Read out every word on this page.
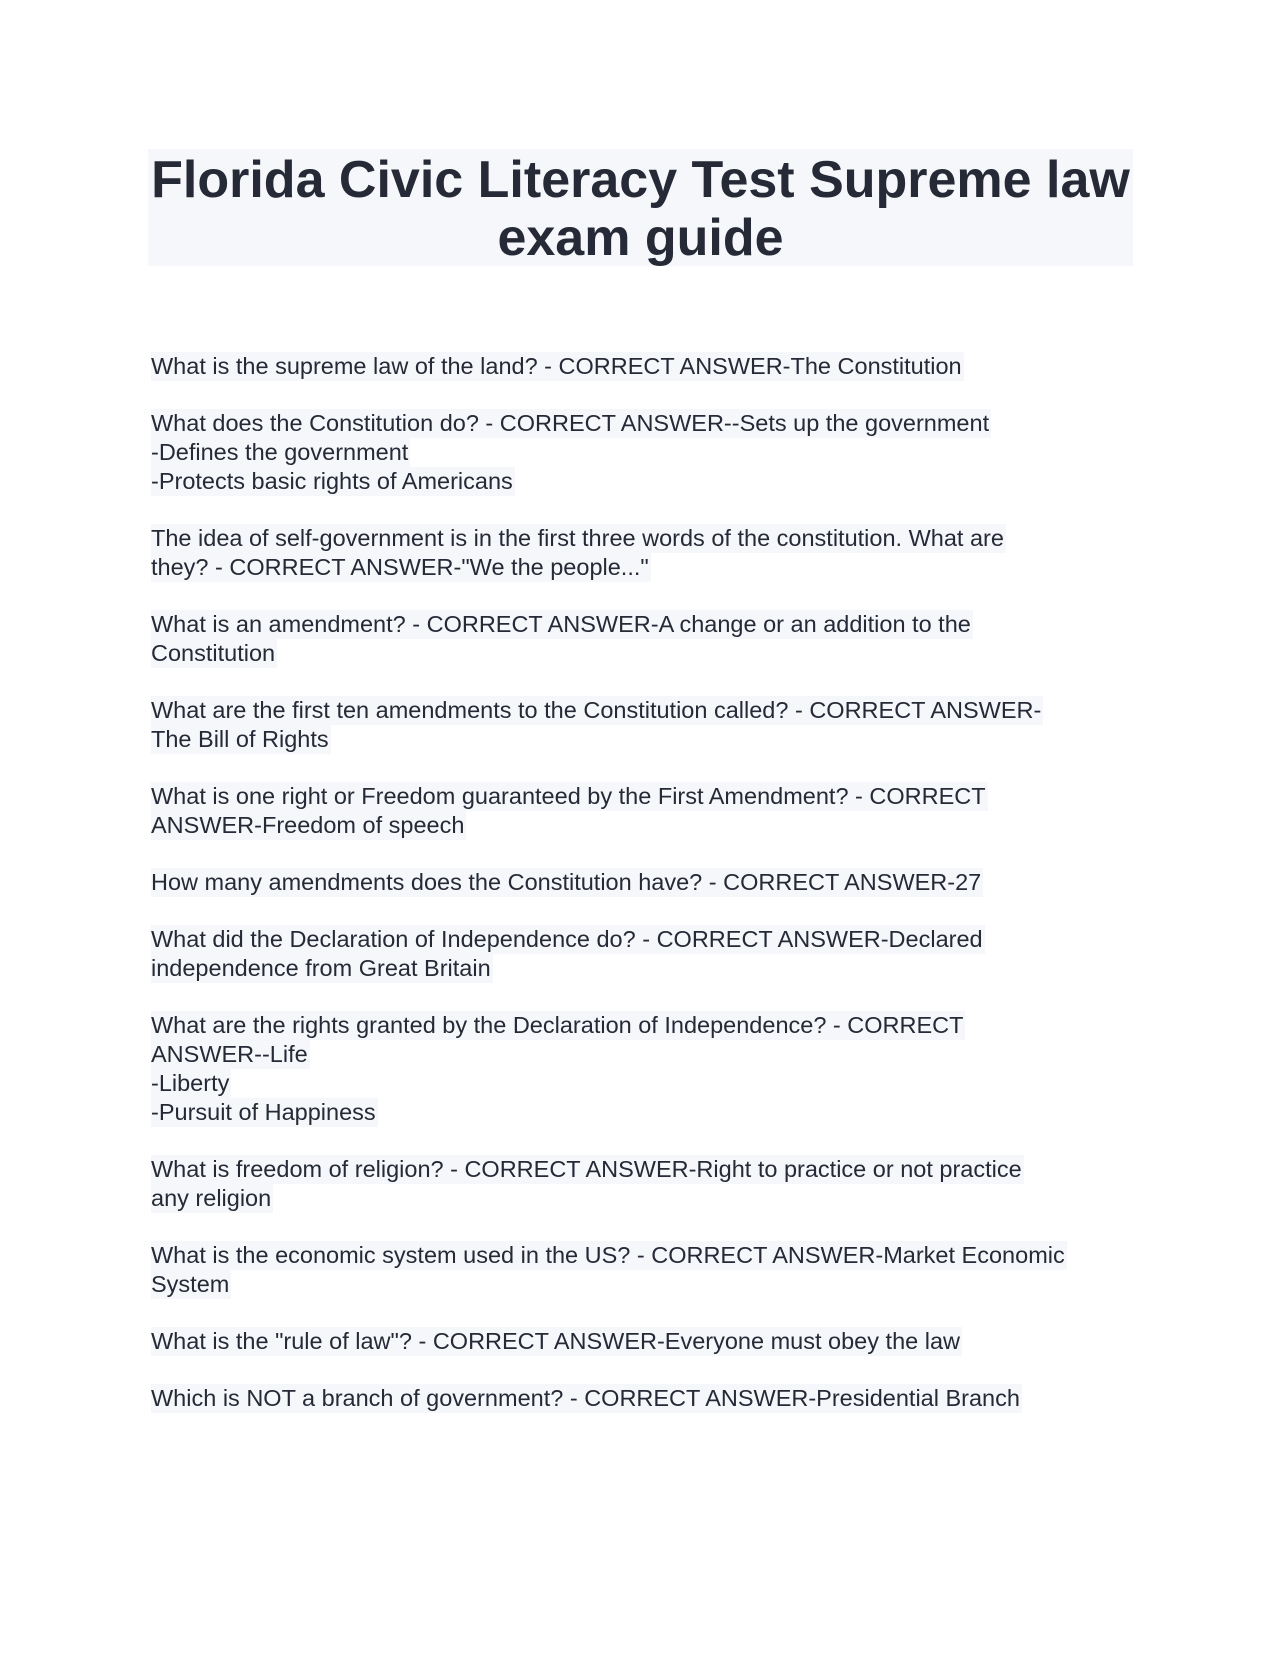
Florida Civic Literacy Test Supreme law
exam guide
What is the supreme law of the land? - CORRECT ANSWER-The Constitution
What does the Constitution do? - CORRECT ANSWER--Sets up the government
-Defines the government
-Protects basic rights of Americans
The idea of self-government is in the first three words of the constitution. What are
they? - CORRECT ANSWER-"We the people..."
What is an amendment? - CORRECT ANSWER-A change or an addition to the
Constitution
What are the first ten amendments to the Constitution called? - CORRECT ANSWER-
The Bill of Rights
What is one right or Freedom guaranteed by the First Amendment? - CORRECT
ANSWER-Freedom of speech
How many amendments does the Constitution have? - CORRECT ANSWER-27
What did the Declaration of Independence do? - CORRECT ANSWER-Declared
independence from Great Britain
What are the rights granted by the Declaration of Independence? - CORRECT
ANSWER--Life
-Liberty
-Pursuit of Happiness
What is freedom of religion? - CORRECT ANSWER-Right to practice or not practice
any religion
What is the economic system used in the US? - CORRECT ANSWER-Market Economic
System
What is the "rule of law"? - CORRECT ANSWER-Everyone must obey the law
Which is NOT a branch of government? - CORRECT ANSWER-Presidential Branch
